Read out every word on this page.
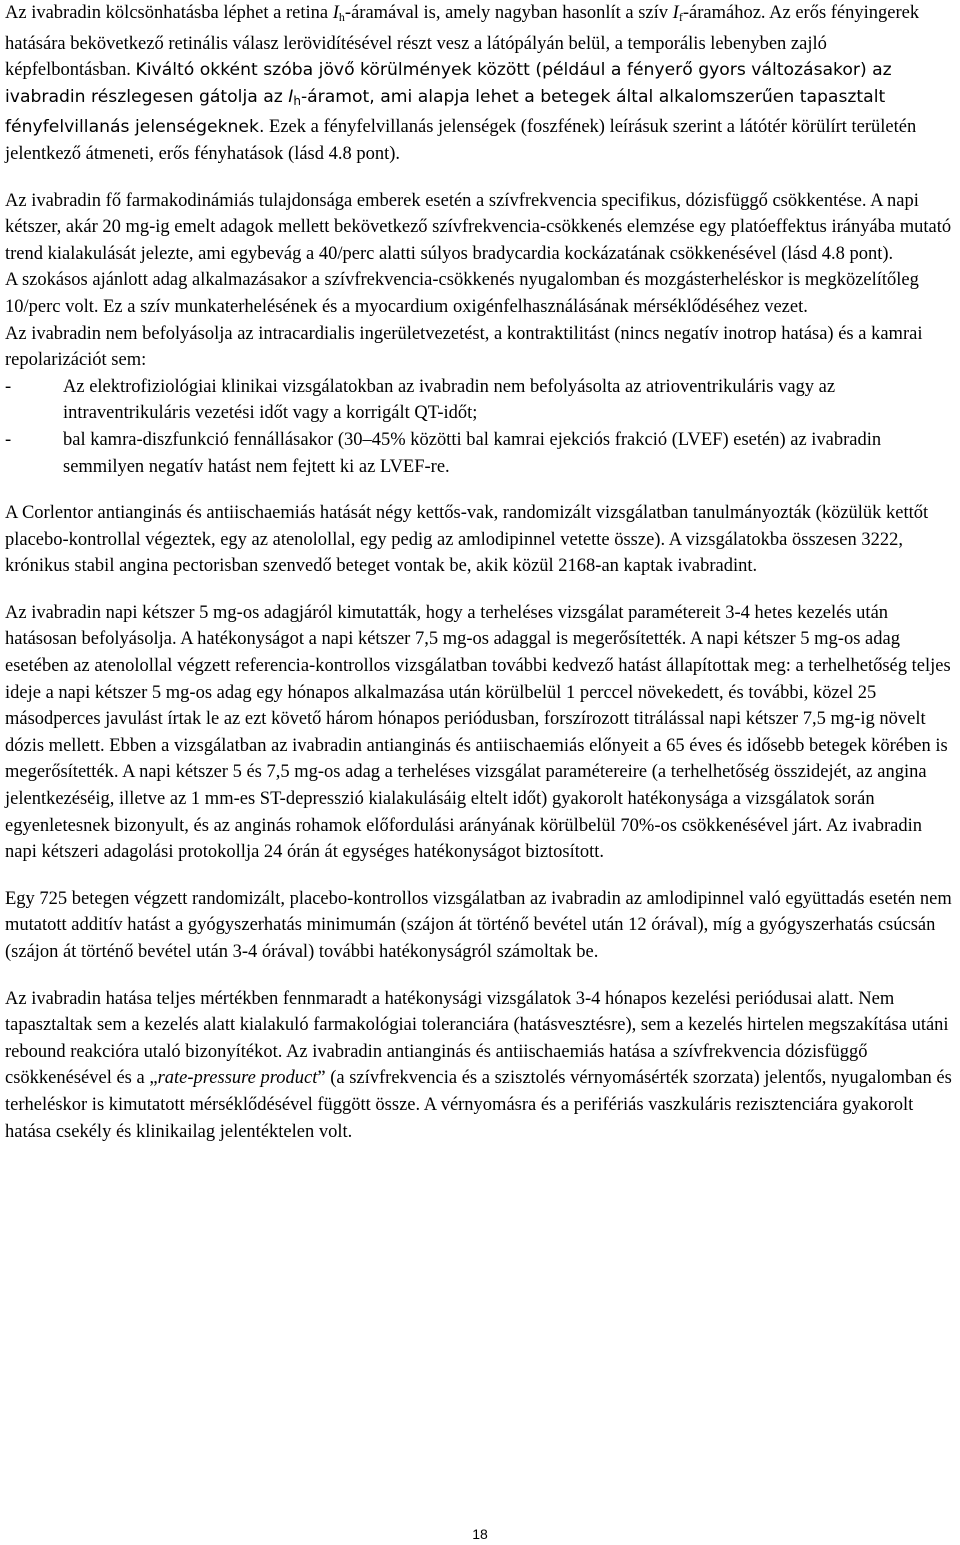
Az ivabradin kölcsönhatásba léphet a retina $I_h$-áramával is, amely nagyban hasonlít a szív $I_f$-áramához. Az erős fényingerek hatására bekövetkező retinális válasz lerövidítésével részt vesz a látópályán belül, a temporális lebenyben zajló képfelbontásban. Kiváltó okként szóba jövő körülmények között (például a fényerő gyors változásakor) az ivabradin részlegesen gátolja az $I_h$-áramot, ami alapja lehet a betegek által alkalomszerűen tapasztalt fényfelvillanás jelenségeknek. Ezek a fényfelvillanás jelenségek (foszfének) leírásuk szerint a látótér körülírt területén jelentkező átmeneti, erős fényhatások (lásd 4.8 pont).

Az ivabradin fő farmakodinámiás tulajdonsága emberek esetén a szívfrekvencia specifikus, dózisfüggő csökkentése. A napi kétszer, akár 20 mg-ig emelt adagok mellett bekövetkező szívfrekvencia-csökkenés elemzése egy platóeffektus irányába mutató trend kialakulását jelezte, ami egybevág a 40/perc alatti súlyos bradycardia kockázatának csökkenésével (lásd 4.8 pont).

A szokásos ajánlott adag alkalmazásakor a szívfrekvencia-csökkenés nyugalomban és mozgásterheléskor is megközelítőleg 10/perc volt. Ez a szív munkaterhelésének és a myocardium oxigénfelhasználásának mérséklődéséhez vezet.

Az ivabradin nem befolyásolja az intracardialis ingerületvezetést, a kontraktilitást (nincs negatív inotrop hatása) és a kamrai repolarizációt sem:

-	Az elektrofiziológiai klinikai vizsgálatokban az ivabradin nem befolyásolta az atrioventrikuláris vagy az intraventrikuláris vezetési időt vagy a korrigált QT-időt;
-	bal kamra-diszfunkció fennállásakor (30–45% közötti bal kamrai ejekciós frakció (LVEF) esetén) az ivabradin semmilyen negatív hatást nem fejtett ki az LVEF-re.

A Corlentor antianginás és antiischaemiás hatását négy kettős-vak, randomizált vizsgálatban tanulmányozták (közülük kettőt placebo-kontrollal végeztek, egy az atenolollal, egy pedig az amlodipinnel vetette össze). A vizsgálatokba összesen 3222, krónikus stabil angina pectorisban szenvedő beteget vontak be, akik közül 2168-an kaptak ivabradint.

Az ivabradin napi kétszer 5 mg-os adagjáról kimutatták, hogy a terheléses vizsgálat paramétereit 3-4 hetes kezelés után hatásosan befolyásolja. A hatékonyságot a napi kétszer 7,5 mg-os adaggal is megerősítették. A napi kétszer 5 mg-os adag esetében az atenolollal végzett referencia-kontrollos vizsgálatban további kedvező hatást állapítottak meg: a terhelhetőség teljes ideje a napi kétszer 5 mg-os adag egy hónapos alkalmazása után körülbelül 1 perccel növekedett, és további, közel 25 másodperces javulást írtak le az ezt követő három hónapos periódusban, forszírozott titrálással napi kétszer 7,5 mg-ig növelt dózis mellett. Ebben a vizsgálatban az ivabradin antianginás és antiischaemiás előnyeit a 65 éves és idősebb betegek körében is megerősítették. A napi kétszer 5 és 7,5 mg-os adag a terheléses vizsgálat paramétereire (a terhelhetőség összidejét, az angina jelentkezéséig, illetve az 1 mm-es ST-depresszió kialakulásáig eltelt időt) gyakorolt hatékonysága a vizsgálatok során egyenletesnek bizonyult, és az anginás rohamok előfordulási arányának körülbelül 70%-os csökkenésével járt. Az ivabradin napi kétszeri adagolási protokollja 24 órán át egységes hatékonyságot biztosított.

Egy 725 betegen végzett randomizált, placebo-kontrollos vizsgálatban az ivabradin az amlodipinnel való együttadás esetén nem mutatott additív hatást a gyógyszerhatás minimumán (szájon át történő bevétel után 12 órával), míg a gyógyszerhatás csúcsán (szájon át történő bevétel után 3-4 órával) további hatékonyságról számoltak be.

Az ivabradin hatása teljes mértékben fennmaradt a hatékonysági vizsgálatok 3-4 hónapos kezelési periódusai alatt. Nem tapasztaltak sem a kezelés alatt kialakuló farmakológiai toleranciára (hatásvesztésre), sem a kezelés hirtelen megszakítása utáni rebound reakcióra utaló bizonyítékot. Az ivabradin antianginás és antiischaemiás hatása a szívfrekvencia dózisfüggő csökkenésével és a „rate-pressure product” (a szívfrekvencia és a szisztolés vérnyomásérték szorzata) jelentős, nyugalomban és terheléskor is kimutatott mérséklődésével függött össze. A vérnyomásra és a perifériás vaszkuláris rezisztenciára gyakorolt hatása csekély és klinikailag jelentéktelen volt.

18
